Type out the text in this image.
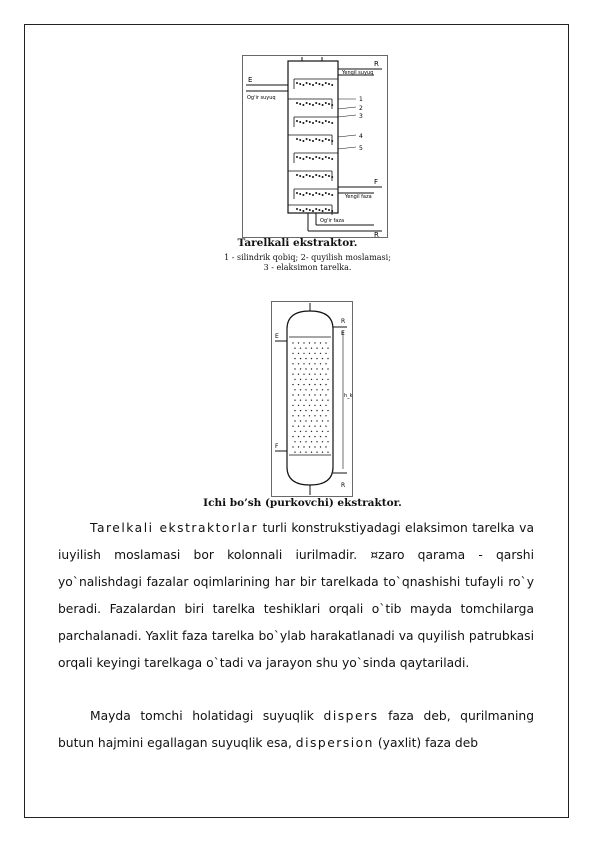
E
Og'ir suyuq
R
Yengil suyuq
1
2
3
4
5
F
Yengil faza
Og'ir faza
R
Tarelkali ekstraktor.
1 - silindrik qobiq; 2- quyilish moslamasi;
3 - elaksimon tarelka.
R
E
E
F
h_k
R
Ichi bo’sh (purkovchi) ekstraktor.

Tarelkali ekstraktorlar turli konstrukstiyadagi elaksimon tarelka va iuyilish moslamasi bor kolonnali iurilmadir. ¤zaro qarama - qarshi yo`nalishdagi fazalar oqimlarining har bir tarelkada to`qnashishi tufayli ro`y beradi. Fazalardan biri tarelka teshiklari orqali o`tib mayda tomchilarga parchalanadi. Yaxlit faza tarelka bo`ylab harakatlanadi va quyilish patrubkasi orqali keyingi tarelkaga o`tadi va jarayon shu yo`sinda qaytariladi.

Mayda tomchi holatidagi suyuqlik dispers faza deb, qurilmaning butun hajmini egallagan suyuqlik esa, dispersion (yaxlit) faza deb
